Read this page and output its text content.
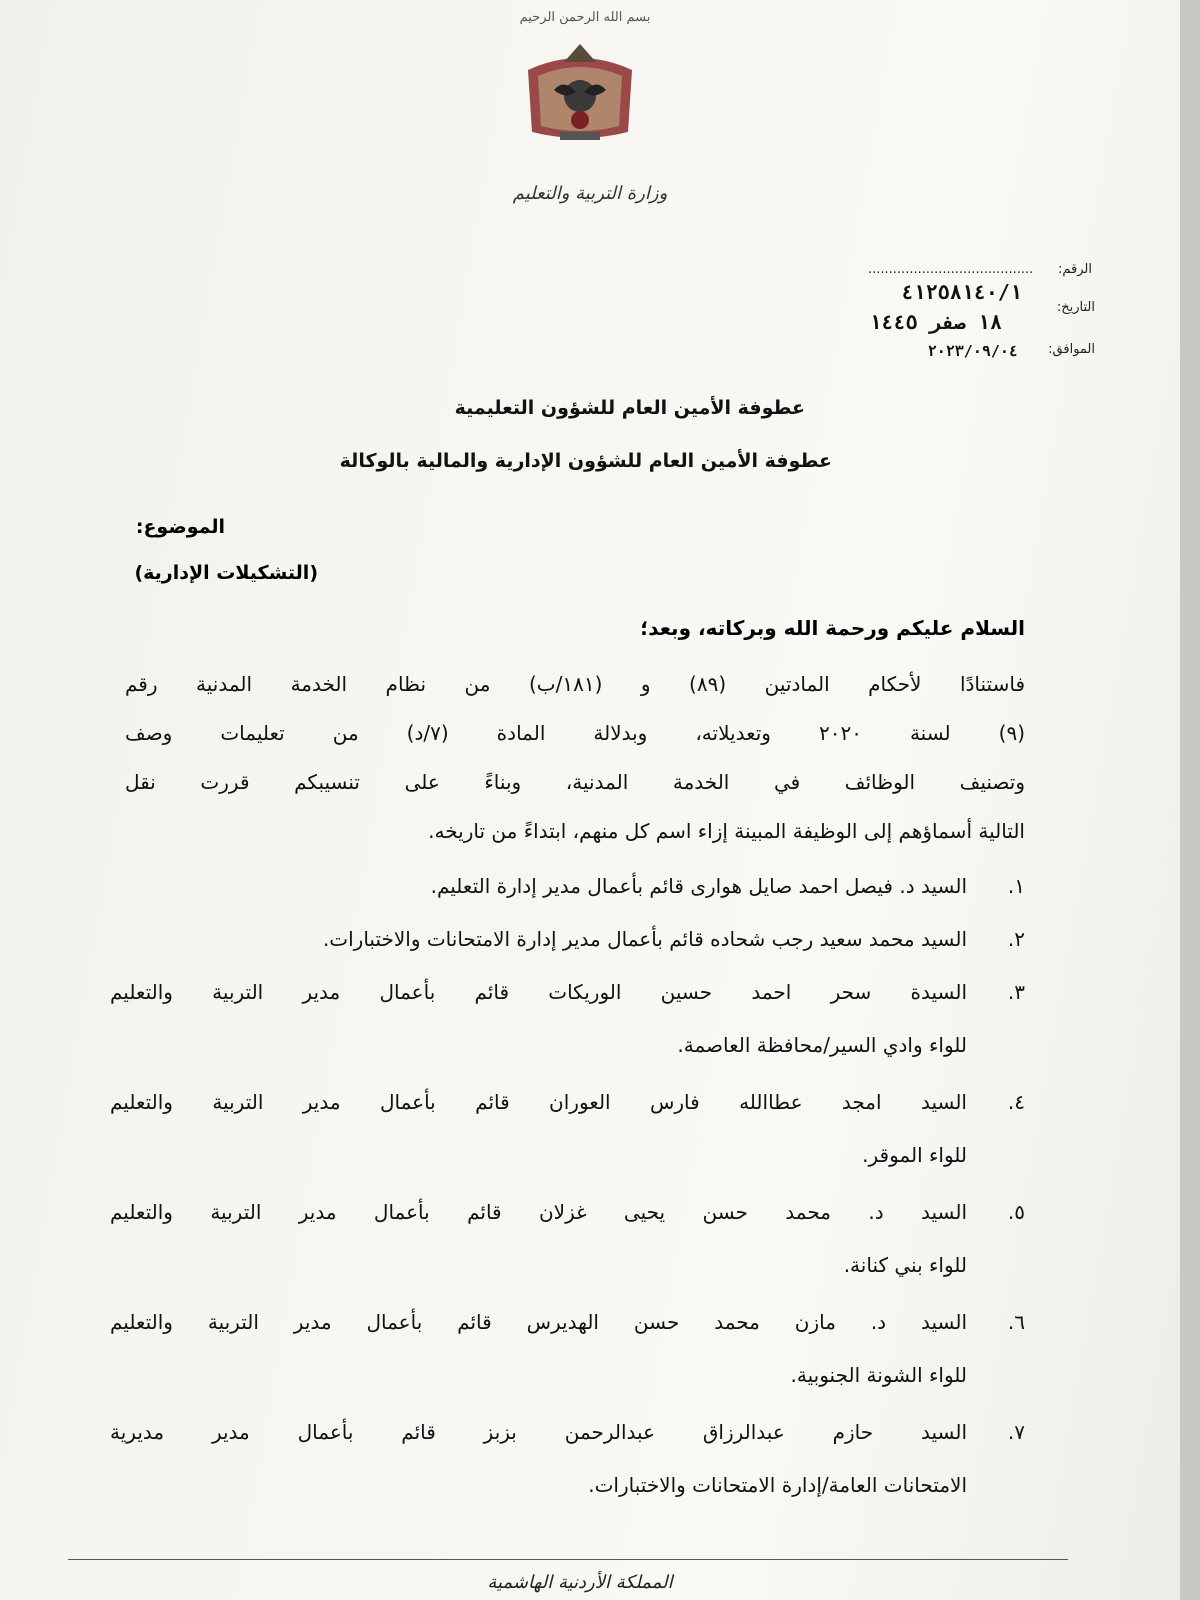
بسم الله الرحمن الرحيم
وزارة التربية والتعليم
الرقم:
........................................
٤١٢٥٨١٤٠/١
التاريخ:
١٨ صفر ١٤٤٥
الموافق:
٢٠٢٣/٠٩/٠٤
عطوفة الأمين العام للشؤون التعليمية
عطوفة الأمين العام للشؤون الإدارية والمالية بالوكالة
الموضوع:
(التشكيلات الإدارية)
السلام عليكم ورحمة الله وبركاته، وبعد؛
فاستنادًا لأحكام المادتين (٨٩) و (١٨١/ب) من نظام الخدمة المدنية رقم
(٩) لسنة ٢٠٢٠ وتعديلاته، وبدلالة المادة (٧/د) من تعليمات وصف
وتصنيف الوظائف في الخدمة المدنية، وبناءً على تنسيبكم قررت نقل
التالية أسماؤهم إلى الوظيفة المبينة إزاء اسم كل منهم، ابتداءً من تاريخه.
١.
السيد د. فيصل احمد صايل هوارى قائم بأعمال مدير إدارة التعليم.
٢.
السيد محمد سعيد رجب شحاده قائم بأعمال مدير إدارة الامتحانات والاختبارات.
٣.
السيدة سحر احمد حسين الوريكات قائم بأعمال مدير التربية والتعليم
للواء وادي السير/محافظة العاصمة.
٤.
السيد امجد عطاالله فارس العوران قائم بأعمال مدير التربية والتعليم
للواء الموقر.
٥.
السيد د. محمد حسن يحيى غزلان قائم بأعمال مدير التربية والتعليم
للواء بني كنانة.
٦.
السيد د. مازن محمد حسن الهديرس قائم بأعمال مدير التربية والتعليم
للواء الشونة الجنوبية.
٧.
السيد حازم عبدالرزاق عبدالرحمن بزبز قائم بأعمال مدير مديرية
الامتحانات العامة/إدارة الامتحانات والاختبارات.
المملكة الأردنية الهاشمية
